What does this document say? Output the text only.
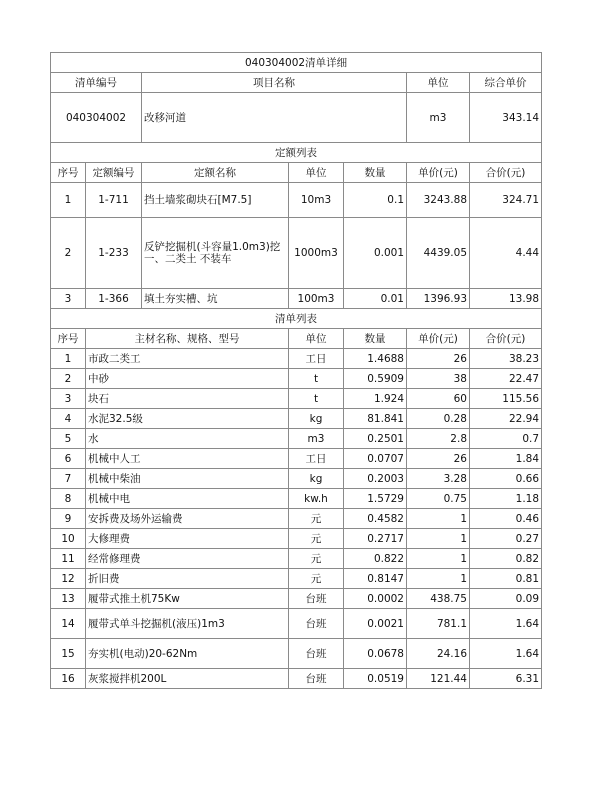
040304002清单详细						
清单编号		项目名称			单位	综合单价
040304002		改移河道			m3	343.14
定额列表						
序号	定额编号	定额名称	单位	数量	单价(元)	合价(元)
1	1-711	挡土墙浆砌块石[M7.5]	10m3	0.1	3243.88	324.71
2	1-233	反铲挖掘机(斗容量1.0m3)挖一、二类土 不装车	1000m3	0.001	4439.05	4.44
3	1-366	填土夯实槽、坑	100m3	0.01	1396.93	13.98
清单列表						
序号	主材名称、规格、型号		单位	数量	单价(元)	合价(元)
1	市政二类工		工日	1.4688	26	38.23
2	中砂		t	0.5909	38	22.47
3	块石		t	1.924	60	115.56
4	水泥32.5级		kg	81.841	0.28	22.94
5	水		m3	0.2501	2.8	0.7
6	机械中人工		工日	0.0707	26	1.84
7	机械中柴油		kg	0.2003	3.28	0.66
8	机械中电		kw.h	1.5729	0.75	1.18
9	安拆费及场外运输费		元	0.4582	1	0.46
10	大修理费		元	0.2717	1	0.27
11	经常修理费		元	0.822	1	0.82
12	折旧费		元	0.8147	1	0.81
13	履带式推土机75Kw		台班	0.0002	438.75	0.09
14	履带式单斗挖掘机(液压)1m3		台班	0.0021	781.1	1.64
15	夯实机(电动)20-62Nm		台班	0.0678	24.16	1.64
16	灰浆搅拌机200L		台班	0.0519	121.44	6.31
